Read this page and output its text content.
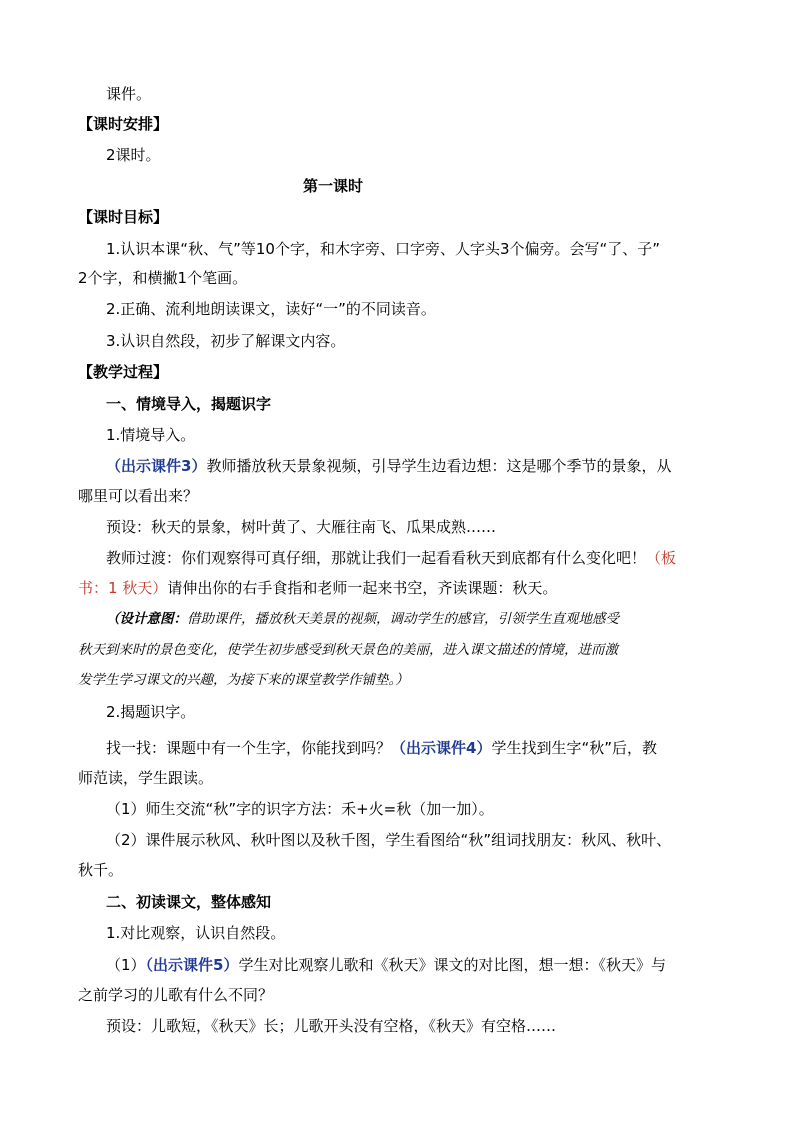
课件。
【课时安排】
2课时。
第一课时
【课时目标】
1.认识本课“秋、气”等10个字，和木字旁、口字旁、人字头3个偏旁。会写“了、子”
2个字，和横撇1个笔画。
2.正确、流利地朗读课文，读好“一”的不同读音。
3.认识自然段，初步了解课文内容。
【教学过程】
一、情境导入，揭题识字
1.情境导入。
（出示课件3）教师播放秋天景象视频，引导学生边看边想：这是哪个季节的景象，从
哪里可以看出来？
预设：秋天的景象，树叶黄了、大雁往南飞、瓜果成熟……
教师过渡：你们观察得可真仔细，那就让我们一起看看秋天到底都有什么变化吧！（板
书：1 秋天）请伸出你的右手食指和老师一起来书空，齐读课题：秋天。
（设计意图：借助课件，播放秋天美景的视频，调动学生的感官，引领学生直观地感受
秋天到来时的景色变化，使学生初步感受到秋天景色的美丽，进入课文描述的情境，进而激
发学生学习课文的兴趣，为接下来的课堂教学作铺垫。）
2.揭题识字。
找一找：课题中有一个生字，你能找到吗？（出示课件4）学生找到生字“秋”后，教
师范读，学生跟读。
（1）师生交流“秋”字的识字方法：禾+火=秋（加一加）。
（2）课件展示秋风、秋叶图以及秋千图，学生看图给“秋”组词找朋友：秋风、秋叶、
秋千。
二、初读课文，整体感知
1.对比观察，认识自然段。
（1）（出示课件5）学生对比观察儿歌和《秋天》课文的对比图，想一想：《秋天》与
之前学习的儿歌有什么不同？
预设：儿歌短，《秋天》长；儿歌开头没有空格，《秋天》有空格……
